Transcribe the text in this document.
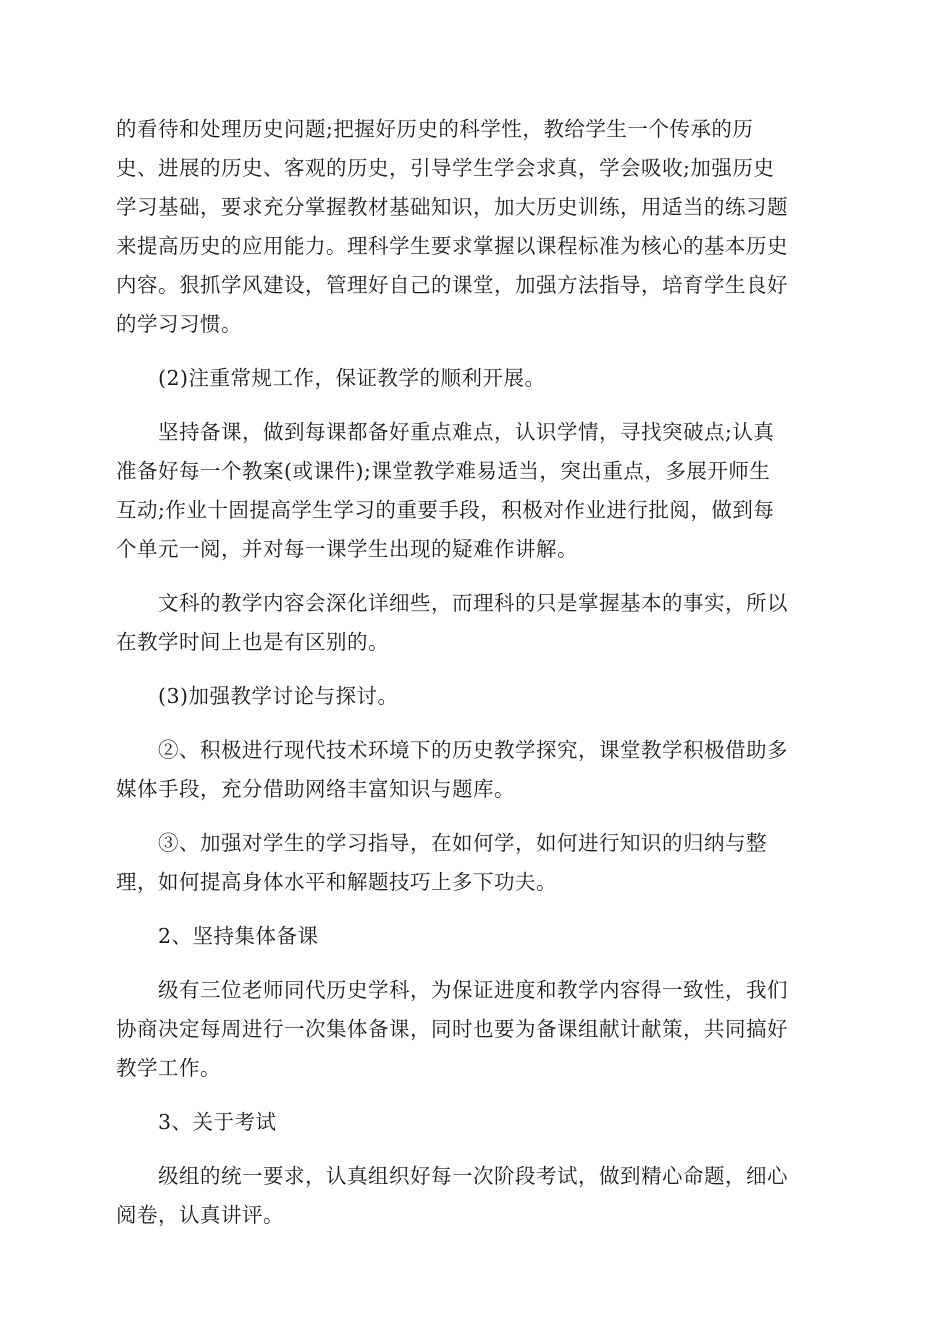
的看待和处理历史问题;把握好历史的科学性，教给学生一个传承的历
史、进展的历史、客观的历史，引导学生学会求真，学会吸收;加强历史
学习基础，要求充分掌握教材基础知识，加大历史训练，用适当的练习题
来提高历史的应用能力。理科学生要求掌握以课程标准为核心的基本历史
内容。狠抓学风建设，管理好自己的课堂，加强方法指导，培育学生良好
的学习习惯。

　　(2)注重常规工作，保证教学的顺利开展。

　　坚持备课，做到每课都备好重点难点，认识学情，寻找突破点;认真
准备好每一个教案(或课件);课堂教学难易适当，突出重点，多展开师生
互动;作业十固提高学生学习的重要手段，积极对作业进行批阅，做到每
个单元一阅，并对每一课学生出现的疑难作讲解。

　　文科的教学内容会深化详细些，而理科的只是掌握基本的事实，所以
在教学时间上也是有区别的。

　　(3)加强教学讨论与探讨。

　　②、积极进行现代技术环境下的历史教学探究，课堂教学积极借助多
媒体手段，充分借助网络丰富知识与题库。

　　③、加强对学生的学习指导，在如何学，如何进行知识的归纳与整
理，如何提高身体水平和解题技巧上多下功夫。

　　2、坚持集体备课

　　级有三位老师同代历史学科，为保证进度和教学内容得一致性，我们
协商决定每周进行一次集体备课，同时也要为备课组献计献策，共同搞好
教学工作。

　　3、关于考试

　　级组的统一要求，认真组织好每一次阶段考试，做到精心命题，细心
阅卷，认真讲评。
